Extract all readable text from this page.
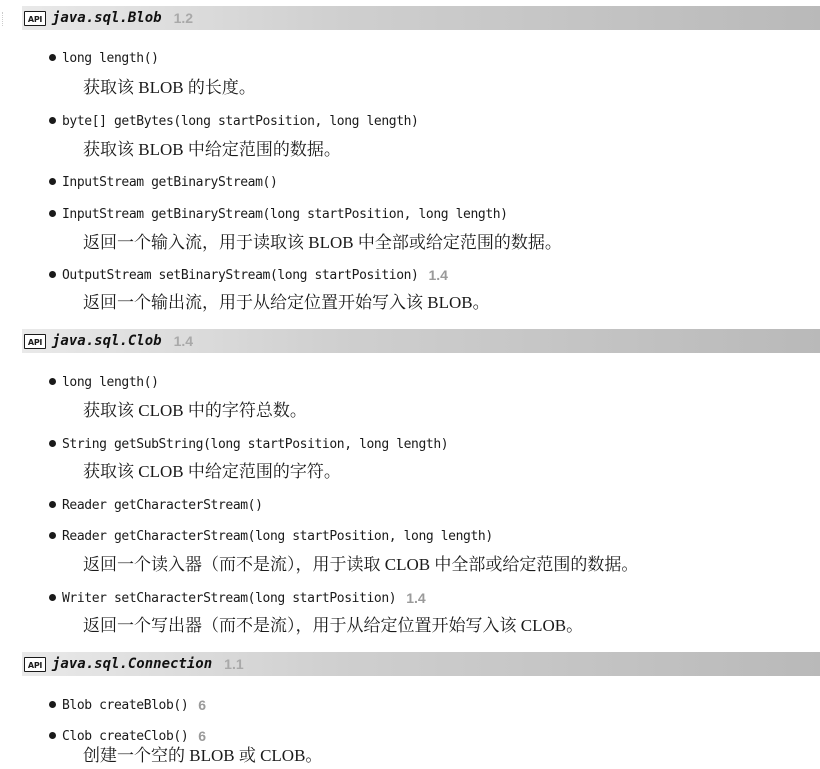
API java.sql.Blob 1.2
long length()
获取该 BLOB 的长度。
byte[] getBytes(long startPosition, long length)
获取该 BLOB 中给定范围的数据。
InputStream getBinaryStream()
InputStream getBinaryStream(long startPosition, long length)
返回一个输入流，用于读取该 BLOB 中全部或给定范围的数据。
OutputStream setBinaryStream(long startPosition) 1.4
返回一个输出流，用于从给定位置开始写入该 BLOB。
API java.sql.Clob 1.4
long length()
获取该 CLOB 中的字符总数。
String getSubString(long startPosition, long length)
获取该 CLOB 中给定范围的字符。
Reader getCharacterStream()
Reader getCharacterStream(long startPosition, long length)
返回一个读入器（而不是流），用于读取 CLOB 中全部或给定范围的数据。
Writer setCharacterStream(long startPosition) 1.4
返回一个写出器（而不是流），用于从给定位置开始写入该 CLOB。
API java.sql.Connection 1.1
Blob createBlob() 6
Clob createClob() 6
创建一个空的 BLOB 或 CLOB。
